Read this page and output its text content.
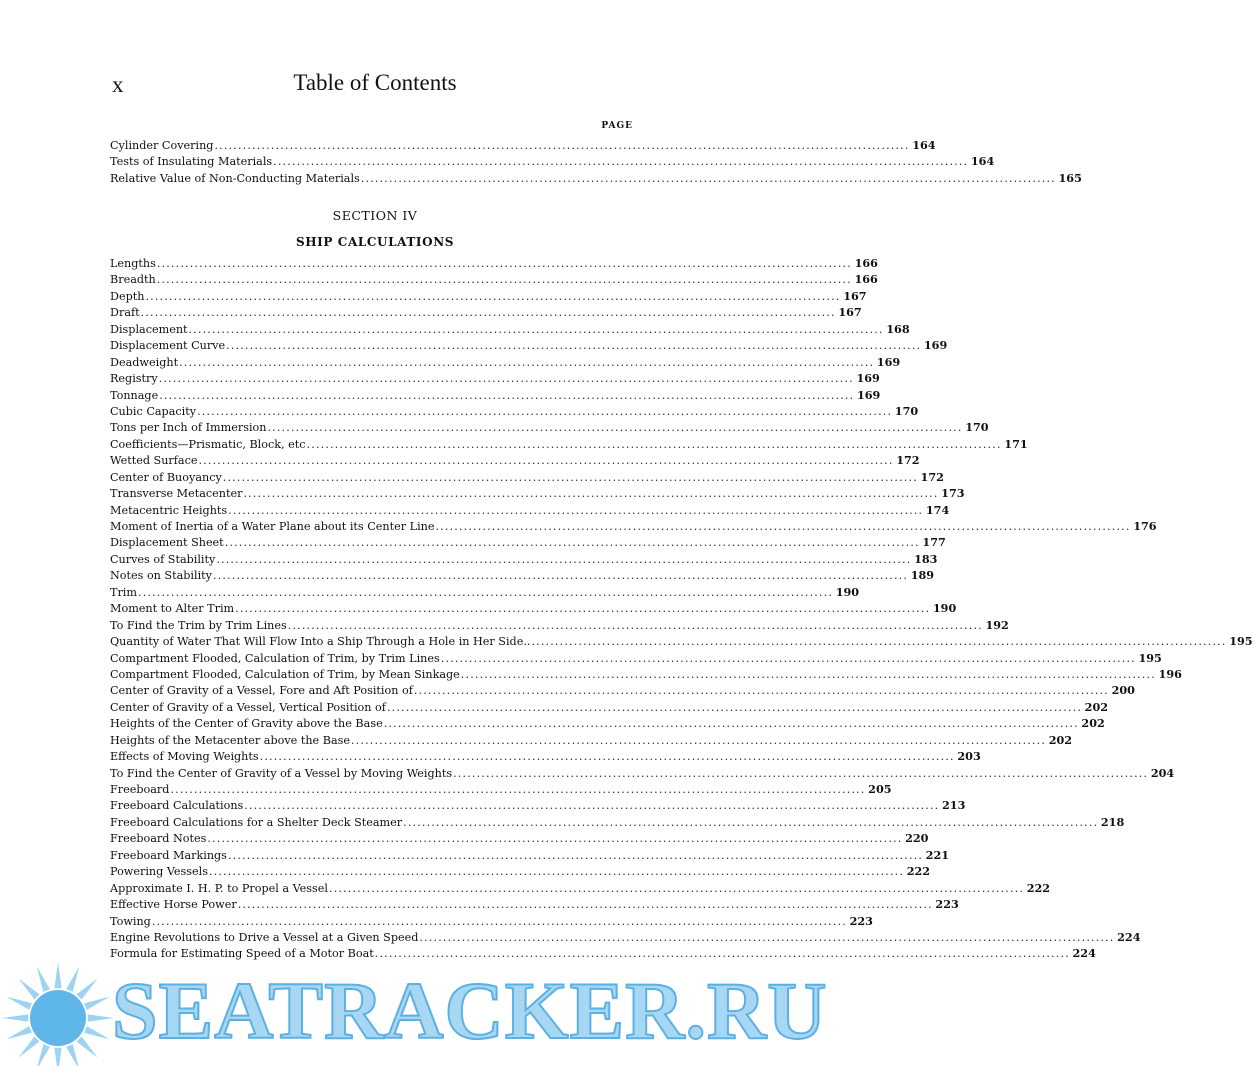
x	Table of Contents
PAGE
Cylinder Covering .....	164
Tests of Insulating Materials .....	164
Relative Value of Non-Conducting Materials .....	165
SECTION IV
SHIP CALCULATIONS
Lengths .....	166
Breadth .....	166
Depth .....	167
Draft .....	167
Displacement .....	168
Displacement Curve .....	169
Deadweight .....	169
Registry .....	169
Tonnage .....	169
Cubic Capacity .....	170
Tons per Inch of Immersion .....	170
Coefficients—Prismatic, Block, etc .....	171
Wetted Surface .....	172
Center of Buoyancy .....	172
Transverse Metacenter .....	173
Metacentric Heights .....	174
Moment of Inertia of a Water Plane about its Center Line .....	176
Displacement Sheet .....	177
Curves of Stability .....	183
Notes on Stability .....	189
Trim .....	190
Moment to Alter Trim .....	190
To Find the Trim by Trim Lines .....	192
Quantity of Water That Will Flow Into a Ship Through a Hole in Her Side.. .....	195
Compartment Flooded, Calculation of Trim, by Trim Lines .....	195
Compartment Flooded, Calculation of Trim, by Mean Sinkage .....	196
Center of Gravity of a Vessel, Fore and Aft Position of .....	200
Center of Gravity of a Vessel, Vertical Position of .....	202
Heights of the Center of Gravity above the Base .....	202
Heights of the Metacenter above the Base .....	202
Effects of Moving Weights .....	203
To Find the Center of Gravity of a Vessel by Moving Weights .....	204
Freeboard .....	205
Freeboard Calculations .....	213
Freeboard Calculations for a Shelter Deck Steamer .....	218
Freeboard Notes .....	220
Freeboard Markings .....	221
Powering Vessels .....	222
Approximate I. H. P. to Propel a Vessel .....	222
Effective Horse Power .....	223
Towing .....	223
Engine Revolutions to Drive a Vessel at a Given Speed .....	224
Formula for Estimating Speed of a Motor Boat .....	224
SEATRACKER.RU
